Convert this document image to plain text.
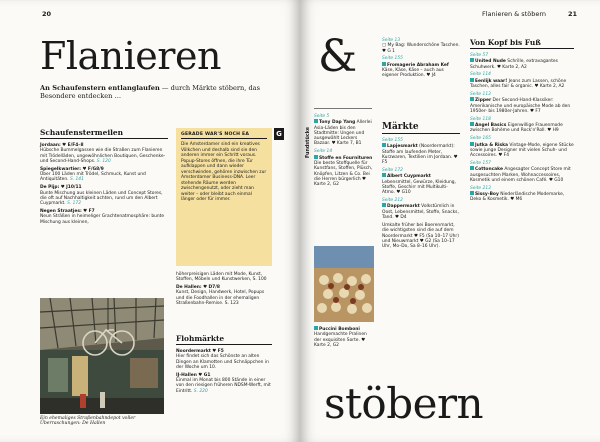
20
Flanieren
An Schaufenstern entlanglaufen — durch Märkte stöbern, das Besondere entdecken …
Schaufenstermeilen
Jordaan: ♥ E/F4–8
Hübsche Bummelgassen wie die Straßen zum Flanieren mit Trödelläden, ungewöhnlichen Boutiquen, Geschenke- und Second-Hand-Shops. S. 120
Spiegelkwartier: ♥ F/G8/9
Über 100 Läden mit Trödel, Schmuck, Kunst und Antiquitäten. S. 141
De Pijp: ♥ J10/11
Bunte Mischung aus kleinen Läden und Concept Stores, die oft auf Nachhaltigkeit achten, rund um den Albert Cuypmarkt. S. 172
Negen Straatjes: ♥ F7
Neun Sträßen in heimeliger Grachtenatmosphäre: bunte Mischung aus kleinen,
Ein ehemaliges Straßenbahndepot voller Überraschungen: De Hallen
GERADE WAR'S NOCH EA
Die Amsterdamer sind ein kreatives Völkchen und deshalb sind sie den anderen immer ein Schritt voraus. Popup-Stores öffnen, die ihre Tür aufklappen und dann wieder verschwinden, gehören inzwischen zur Amsterdamer Business-DNA. Leer stehende Räume werden zwischengenutzt, oder zieht man weiter – oder bleibt auch einmal länger oder für immer.
G
höherpreisigen Läden mit Mode, Kunst, Stoffen, Möbeln und Kunstwerken, S. 100
De Hallen: ♥ D7/8
Kunst, Design, Handwerk, Hotel, Popups und die Foodhallen in der ehemaligen Straßenbahn-Remise. S. 123
Flohmärkte
Noordermarkt ♥ F5
Hier findet sich das Schönste an alten Dingen an Klamotten und Schnäppchen in der Woche um 10.
IJ-Hallen ♥ G1
Einmal im Monat bis 800 Stände in einer von den riesigen früheren NDSM-Werft, mit Eintritt. S. 220
Flanieren & stöbern	21
&
Fundstücke
Seite 5
Tony Dap Yang Allerlei Asia-Läden bis den Stadtmitte: Ungen und ausgewählt Leckers Bazaar. ♥ Karte 7, B1
Seite 14
Stoffe en Fournituren Die beste Stoffquelle für Kunstfans, Stoffen, Plüsch, Knöpfen, Litzen & Co. Bei die Herren bürgerlich ♥ Karte 2, G2
Puccini Bomboni Handgemachte Pralinen der exquisiten Sorte. ♥ Karte 2, G2
Seite 13
▢ My Bag: Wunderschöne Taschen. ♥ G 1
Seite 155
Fromagerie Abraham Kef Käse, Käse, Käse – auch aus eigener Produktion. ♥ J4
Märkte
Seite 155
Lapjesmarkt (Noordermarkt): Stoffe am laufenden Meter, Kurzwaren, Textilien im Jordaan. ♥ F5
Seite 172
Albert Cuypmarkt Lebensmittel, Gewürze, Kleidung, Stoffe, Geschirr mit Multikulti-Atmo. ♥ G10
Seite 212
Dappermarkt Volkstümlich in Oost, Lebensmittel, Stoffe, Snacks, Tand. ♥ D4
Umkalte früher bei Boerenmarkt, die wichtigsten sind die auf dem Noordermarkt ♥ F5 (Sa 10–17 Uhr) und Nieuwmarkt ♥ G2 (Sa 10–17 Uhr, Mo–Do, Sa 8–16 Uhr).
stöbern
Von Kopf bis Fuß
Seite 57
United Nude Schrille, extravagantes Schuhwerk. ♥ Karte 2, A2
Seite 114
Eenlijk waar! Jeans zum Lassen, schöne Taschen, alles fair & organic. ♥ Karte 2, A2
Seite 113
Zipper Der Second-Hand-Klassiker: Amerikanische und europäische Mode ab den 1950er- bis 1980er-Jahren. ♥ F7
Seite 118
Angel Basics Eigenwillige Frauenmode zwischen Bohème und Rock'n'Roll. ♥ H9
Seite 165
Jutka & Riska Vintage-Mode, eigene Stücke sowie junge Designer mit vielen Schuh- und Accessoires. ♥ F4
Seite 157
Cottoncake Angesagter Concept Store mit ausgesuchten Marken, Wohnaccessoires, Kosmetik und einem schönen Café. ♥ G10
Seite 213
Sissy-Boy Niederländische Modemarke, Deko & Kosmetik. ♥ M6
